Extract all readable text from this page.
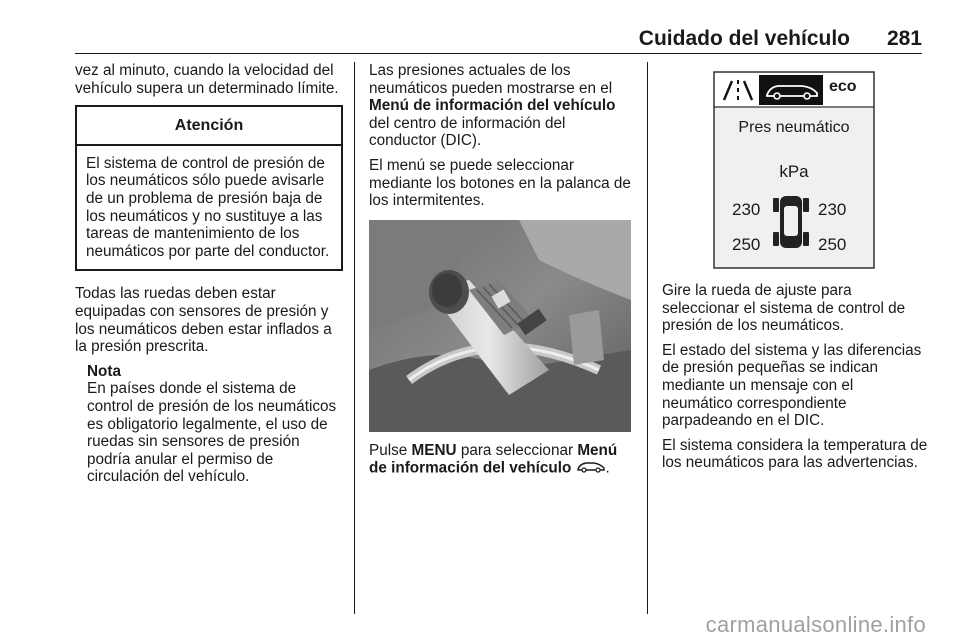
Cuidado del vehículo 281

vez al minuto, cuando la velocidad del vehículo supera un determinado límite.

Atención
El sistema de control de presión de los neumáticos sólo puede avisarle de un problema de presión baja de los neumáticos y no sustituye a las tareas de mantenimiento de los neumáticos por parte del conductor.

Todas las ruedas deben estar equipadas con sensores de presión y los neumáticos deben estar inflados a la presión prescrita.

Nota
En países donde el sistema de control de presión de los neumáticos es obligatorio legalmente, el uso de ruedas sin sensores de presión podría anular el permiso de circulación del vehículo.

Las presiones actuales de los neumáticos pueden mostrarse en el Menú de información del vehículo del centro de información del conductor (DIC).

El menú se puede seleccionar mediante los botones en la palanca de los intermitentes.

Pulse MENU para seleccionar Menú de información del vehículo .

eco
Pres neumático
kPa
230	230
250	250

Gire la rueda de ajuste para seleccionar el sistema de control de presión de los neumáticos.

El estado del sistema y las diferencias de presión pequeñas se indican mediante un mensaje con el neumático correspondiente parpadeando en el DIC.

El sistema considera la temperatura de los neumáticos para las advertencias.

carmanualsonline.info
